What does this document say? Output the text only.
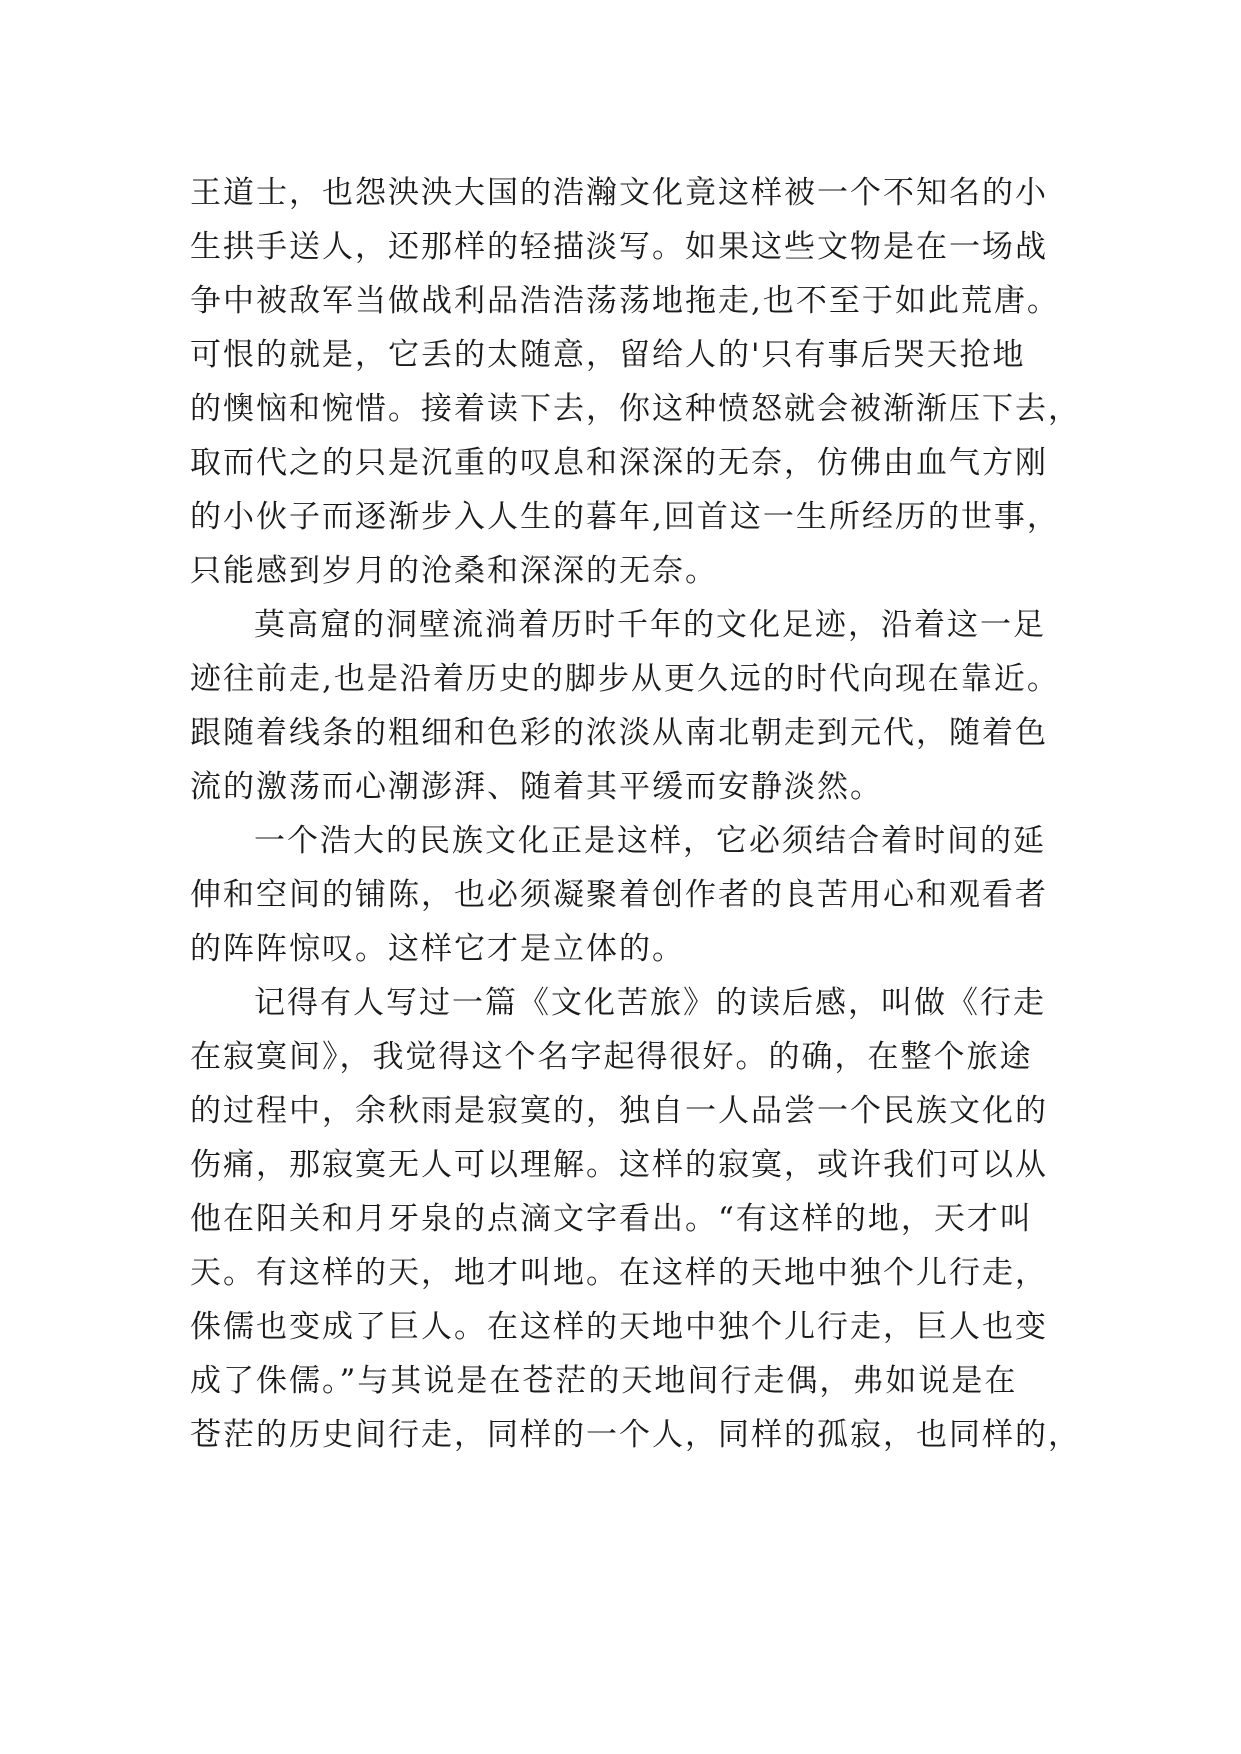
王道士，也怨泱泱大国的浩瀚文化竟这样被一个不知名的小
生拱手送人，还那样的轻描淡写。如果这些文物是在一场战
争中被敌军当做战利品浩浩荡荡地拖走,也不至于如此荒唐。
可恨的就是，它丢的太随意，留给人的'只有事后哭天抢地
的懊恼和惋惜。接着读下去，你这种愤怒就会被渐渐压下去，
取而代之的只是沉重的叹息和深深的无奈，仿佛由血气方刚
的小伙子而逐渐步入人生的暮年,回首这一生所经历的世事，
只能感到岁月的沧桑和深深的无奈。
莫高窟的洞壁流淌着历时千年的文化足迹，沿着这一足
迹往前走,也是沿着历史的脚步从更久远的时代向现在靠近。
跟随着线条的粗细和色彩的浓淡从南北朝走到元代，随着色
流的激荡而心潮澎湃、随着其平缓而安静淡然。
一个浩大的民族文化正是这样，它必须结合着时间的延
伸和空间的铺陈，也必须凝聚着创作者的良苦用心和观看者
的阵阵惊叹。这样它才是立体的。
记得有人写过一篇《文化苦旅》的读后感，叫做《行走
在寂寞间》，我觉得这个名字起得很好。的确，在整个旅途
的过程中，余秋雨是寂寞的，独自一人品尝一个民族文化的
伤痛，那寂寞无人可以理解。这样的寂寞，或许我们可以从
他在阳关和月牙泉的点滴文字看出。“有这样的地，天才叫
天。有这样的天，地才叫地。在这样的天地中独个儿行走，
侏儒也变成了巨人。在这样的天地中独个儿行走，巨人也变
成了侏儒。”与其说是在苍茫的天地间行走偶，弗如说是在
苍茫的历史间行走，同样的一个人，同样的孤寂，也同样的，
